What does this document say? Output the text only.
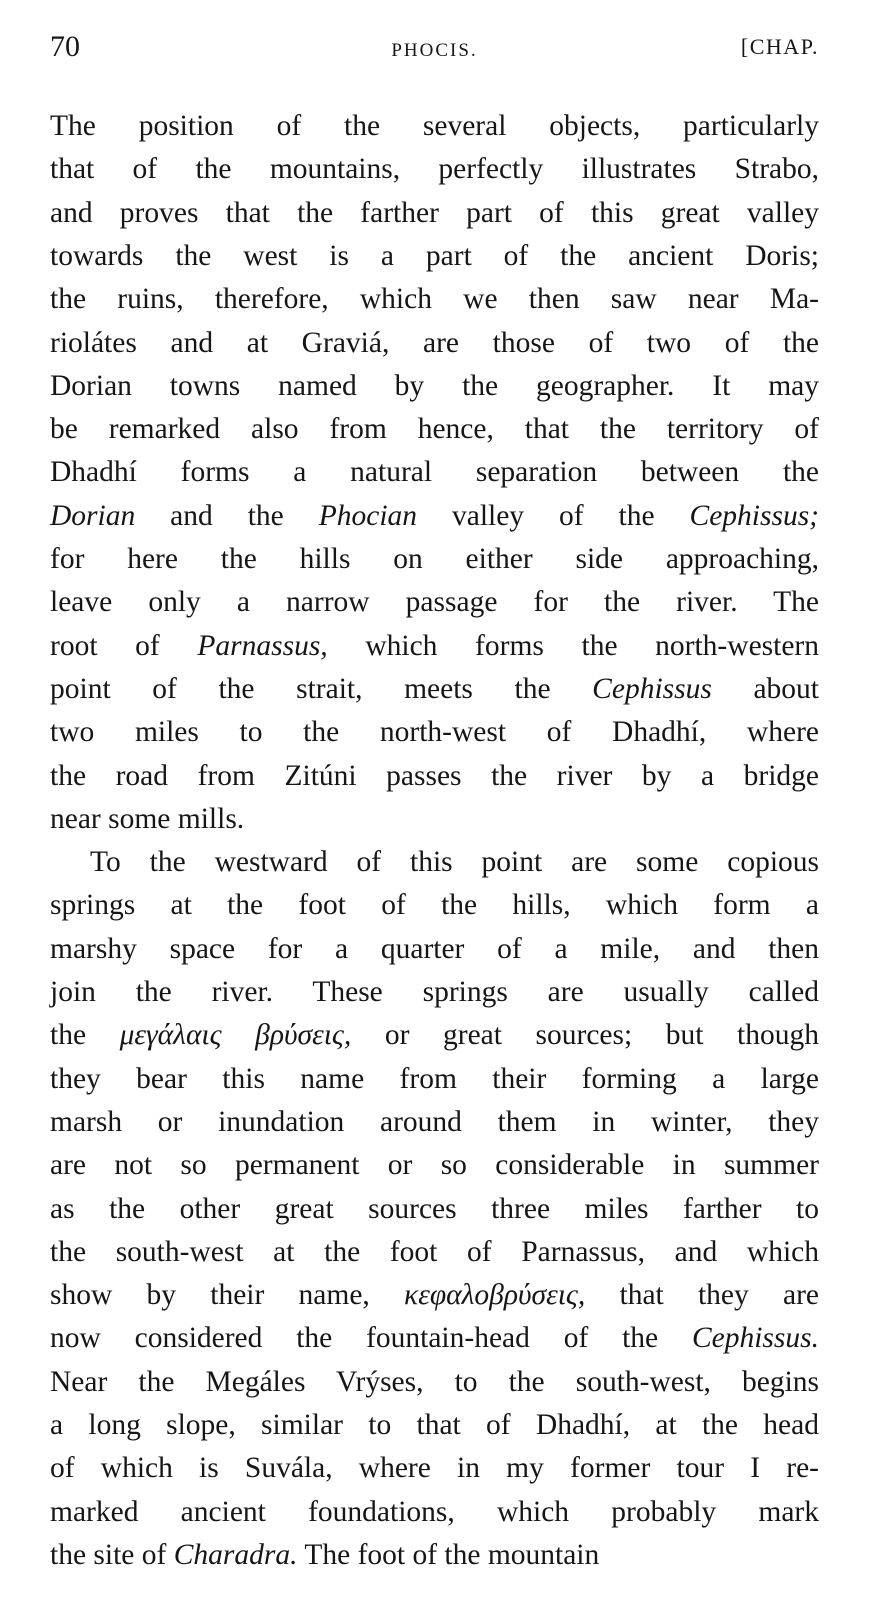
70	PHOCIS.	[CHAP.
The position of the several objects, particularly
that of the mountains, perfectly illustrates Strabo,
and proves that the farther part of this great valley
towards the west is a part of the ancient Doris;
the ruins, therefore, which we then saw near Ma-
riolátes and at Graviá, are those of two of the
Dorian towns named by the geographer. It may
be remarked also from hence, that the territory of
Dhadhí forms a natural separation between the
Dorian and the Phocian valley of the Cephissus;
for here the hills on either side approaching,
leave only a narrow passage for the river. The
root of Parnassus, which forms the north-western
point of the strait, meets the Cephissus about
two miles to the north-west of Dhadhí, where
the road from Zitúni passes the river by a bridge
near some mills.
To the westward of this point are some copious
springs at the foot of the hills, which form a
marshy space for a quarter of a mile, and then
join the river. These springs are usually called
the μεγάλαις βρύσεις, or great sources; but though
they bear this name from their forming a large
marsh or inundation around them in winter, they
are not so permanent or so considerable in summer
as the other great sources three miles farther to
the south-west at the foot of Parnassus, and which
show by their name, κεφαλοβρύσεις, that they are
now considered the fountain-head of the Cephissus.
Near the Megáles Vrýses, to the south-west, begins
a long slope, similar to that of Dhadhí, at the head
of which is Suvála, where in my former tour I re-
marked ancient foundations, which probably mark
the site of Charadra. The foot of the mountain
